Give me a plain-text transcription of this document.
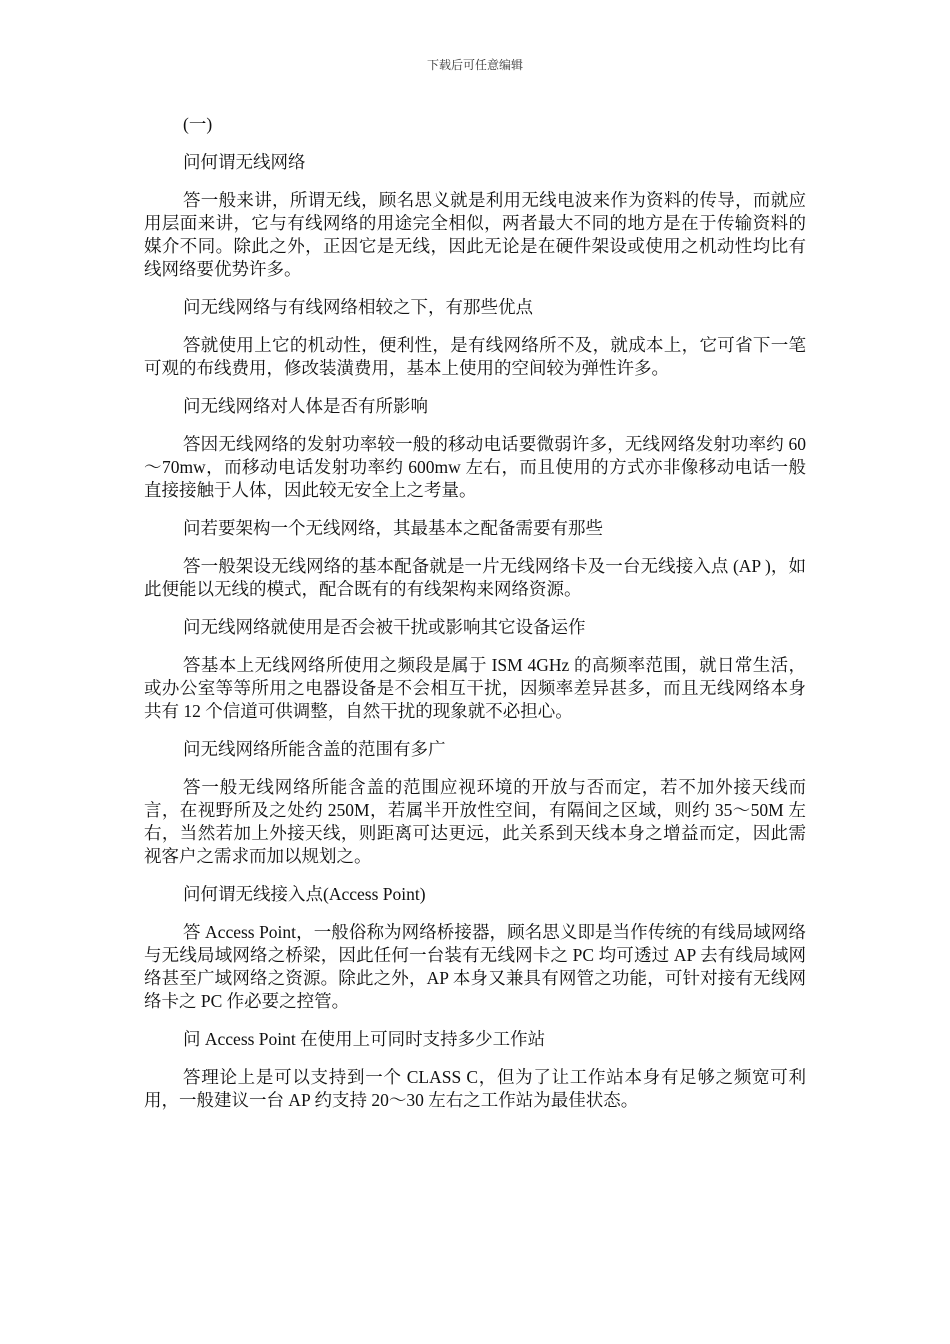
下载后可任意编辑

(一)

问何谓无线网络

答一般来讲，所谓无线，顾名思义就是利用无线电波来作为资料的传导，而就应用层面来讲，它与有线网络的用途完全相似，两者最大不同的地方是在于传输资料的媒介不同。除此之外，正因它是无线，因此无论是在硬件架设或使用之机动性均比有线网络要优势许多。

问无线网络与有线网络相较之下，有那些优点

答就使用上它的机动性，便利性，是有线网络所不及，就成本上，它可省下一笔可观的布线费用，修改装潢费用，基本上使用的空间较为弹性许多。

问无线网络对人体是否有所影响

答因无线网络的发射功率较一般的移动电话要微弱许多，无线网络发射功率约 60～70mw，而移动电话发射功率约 600mw 左右，而且使用的方式亦非像移动电话一般直接接触于人体，因此较无安全上之考量。

问若要架构一个无线网络，其最基本之配备需要有那些

答一般架设无线网络的基本配备就是一片无线网络卡及一台无线接入点 (AP )，如此便能以无线的模式，配合既有的有线架构来网络资源。

问无线网络就使用是否会被干扰或影响其它设备运作

答基本上无线网络所使用之频段是属于 ISM 4GHz 的高频率范围，就日常生活，或办公室等等所用之电器设备是不会相互干扰，因频率差异甚多，而且无线网络本身共有 12 个信道可供调整，自然干扰的现象就不必担心。

问无线网络所能含盖的范围有多广

答一般无线网络所能含盖的范围应视环境的开放与否而定，若不加外接天线而言，在视野所及之处约 250M，若属半开放性空间，有隔间之区域，则约 35～50M 左右，当然若加上外接天线，则距离可达更远，此关系到天线本身之增益而定，因此需视客户之需求而加以规划之。

问何谓无线接入点(Access Point)

答 Access Point，一般俗称为网络桥接器，顾名思义即是当作传统的有线局域网络与无线局域网络之桥梁，因此任何一台装有无线网卡之 PC 均可透过 AP 去有线局域网络甚至广域网络之资源。除此之外，AP 本身又兼具有网管之功能，可针对接有无线网络卡之 PC 作必要之控管。

问 Access Point 在使用上可同时支持多少工作站

答理论上是可以支持到一个 CLASS C，但为了让工作站本身有足够之频宽可利用，一般建议一台 AP 约支持 20～30 左右之工作站为最佳状态。
